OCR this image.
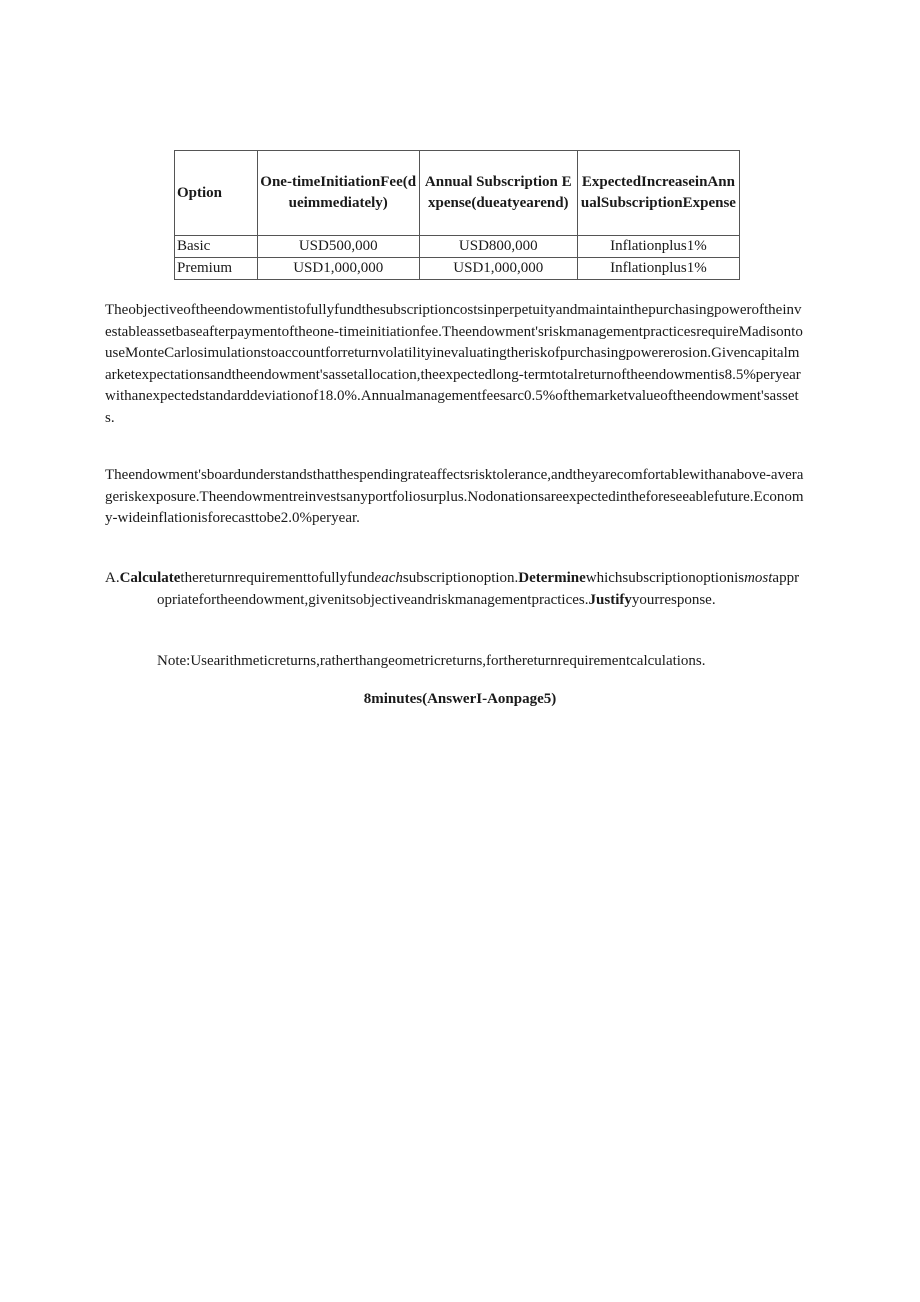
Option	One-timeInitiationFee(dueimmediately)	Annual Subscription Expense(dueatyearend)	ExpectedIncreaseinAnnualSubscriptionExpense
Basic	USD500,000	USD800,000	Inflationplus1%
Premium	USD1,000,000	USD1,000,000	Inflationplus1%

Theobjectiveoftheendowmentistofullyfundthesubscriptioncostsinperpetuityandmaintainthepurchasingpoweroftheinvestableassetbaseafterpaymentoftheone-timeinitiationfee.Theendowment'sriskmanagementpracticesrequireMadisontouseMonteCarlosimulationstoaccountforreturnvolatilityinevaluatingtheriskofpurchasingpowererosion.Givencapitalmarketexpectationsandtheendowment'sassetallocation,theexpectedlong-termtotalreturnoftheendowmentis8.5%peryearwithanexpectedstandarddeviationof18.0%.Annualmanagementfeesarc0.5%ofthemarketvalueoftheendowment'sassets.

Theendowment'sboardunderstandsthatthespendingrateaffectsrisktolerance,andtheyarecomfortablewithanabove-averageriskexposure.Theendowmentreinvestsanyportfoliosurplus.Nodonationsareexpectedintheforeseeablefuture.Economy-wideinflationisforecasttobe2.0%peryear.

A.Calculatethereturnrequirementtofullyfundeachsubscriptionoption.Determinewhichsubscriptionoptionismostappropriatefortheendowment,givenitsobjectiveandriskmanagementpractices.Justifyyourresponse.

Note:Usearithmeticreturns,ratherthangeometricreturns,forthereturnrequirementcalculations.

8minutes(AnswerI-Aonpage5)
